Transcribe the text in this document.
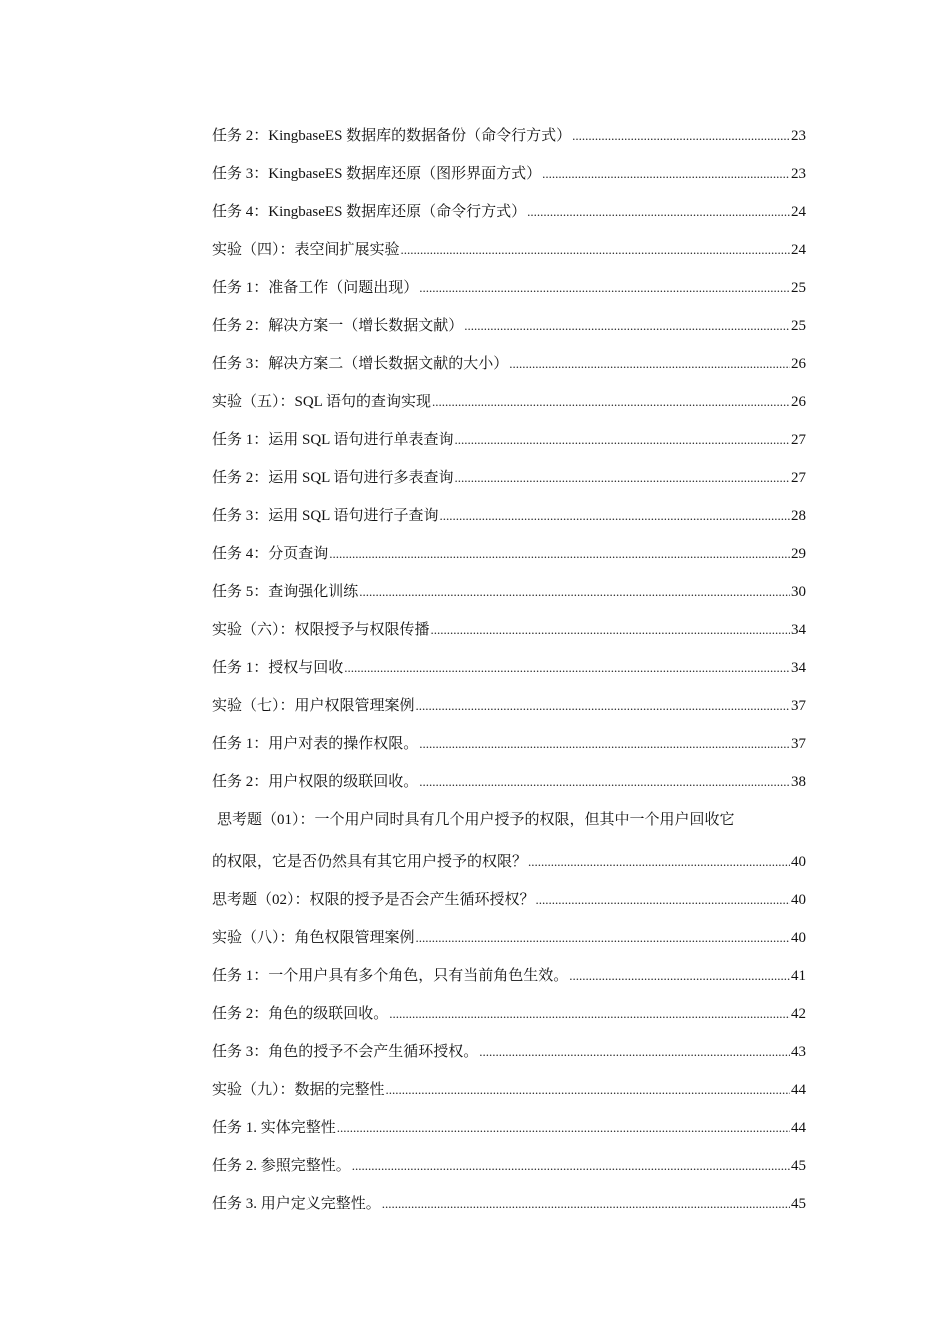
任务 2：KingbaseES 数据库的数据备份（命令行方式） .....	23
任务 3：KingbaseES 数据库还原（图形界面方式） .....	23
任务 4：KingbaseES 数据库还原（命令行方式） .....	24
实验（四）：表空间扩展实验 .....	24
任务 1：准备工作（问题出现） .....	25
任务 2：解决方案一（增长数据文献） .....	25
任务 3：解决方案二（增长数据文献的大小） .....	26
实验（五）：SQL 语句的查询实现 .....	26
任务 1：运用 SQL 语句进行单表查询 .....	27
任务 2：运用 SQL 语句进行多表查询 .....	27
任务 3：运用 SQL 语句进行子查询 .....	28
任务 4：分页查询 .....	29
任务 5：查询强化训练 .....	30
实验（六）：权限授予与权限传播 .....	34
任务 1：授权与回收 .....	34
实验（七）：用户权限管理案例 .....	37
任务 1：用户对表的操作权限。 .....	37
任务 2：用户权限的级联回收。 .....	38
思考题（01）：一个用户同时具有几个用户授予的权限，但其中一个用户回收它
的权限，它是否仍然具有其它用户授予的权限？ .....	40
思考题（02）：权限的授予是否会产生循环授权？ .....	40
实验（八）：角色权限管理案例 .....	40
任务 1：一个用户具有多个角色，只有当前角色生效。 .....	41
任务 2：角色的级联回收。 .....	42
任务 3：角色的授予不会产生循环授权。 .....	43
实验（九）：数据的完整性 .....	44
任务 1. 实体完整性 .....	44
任务 2. 参照完整性。 .....	45
任务 3. 用户定义完整性。 .....	45
